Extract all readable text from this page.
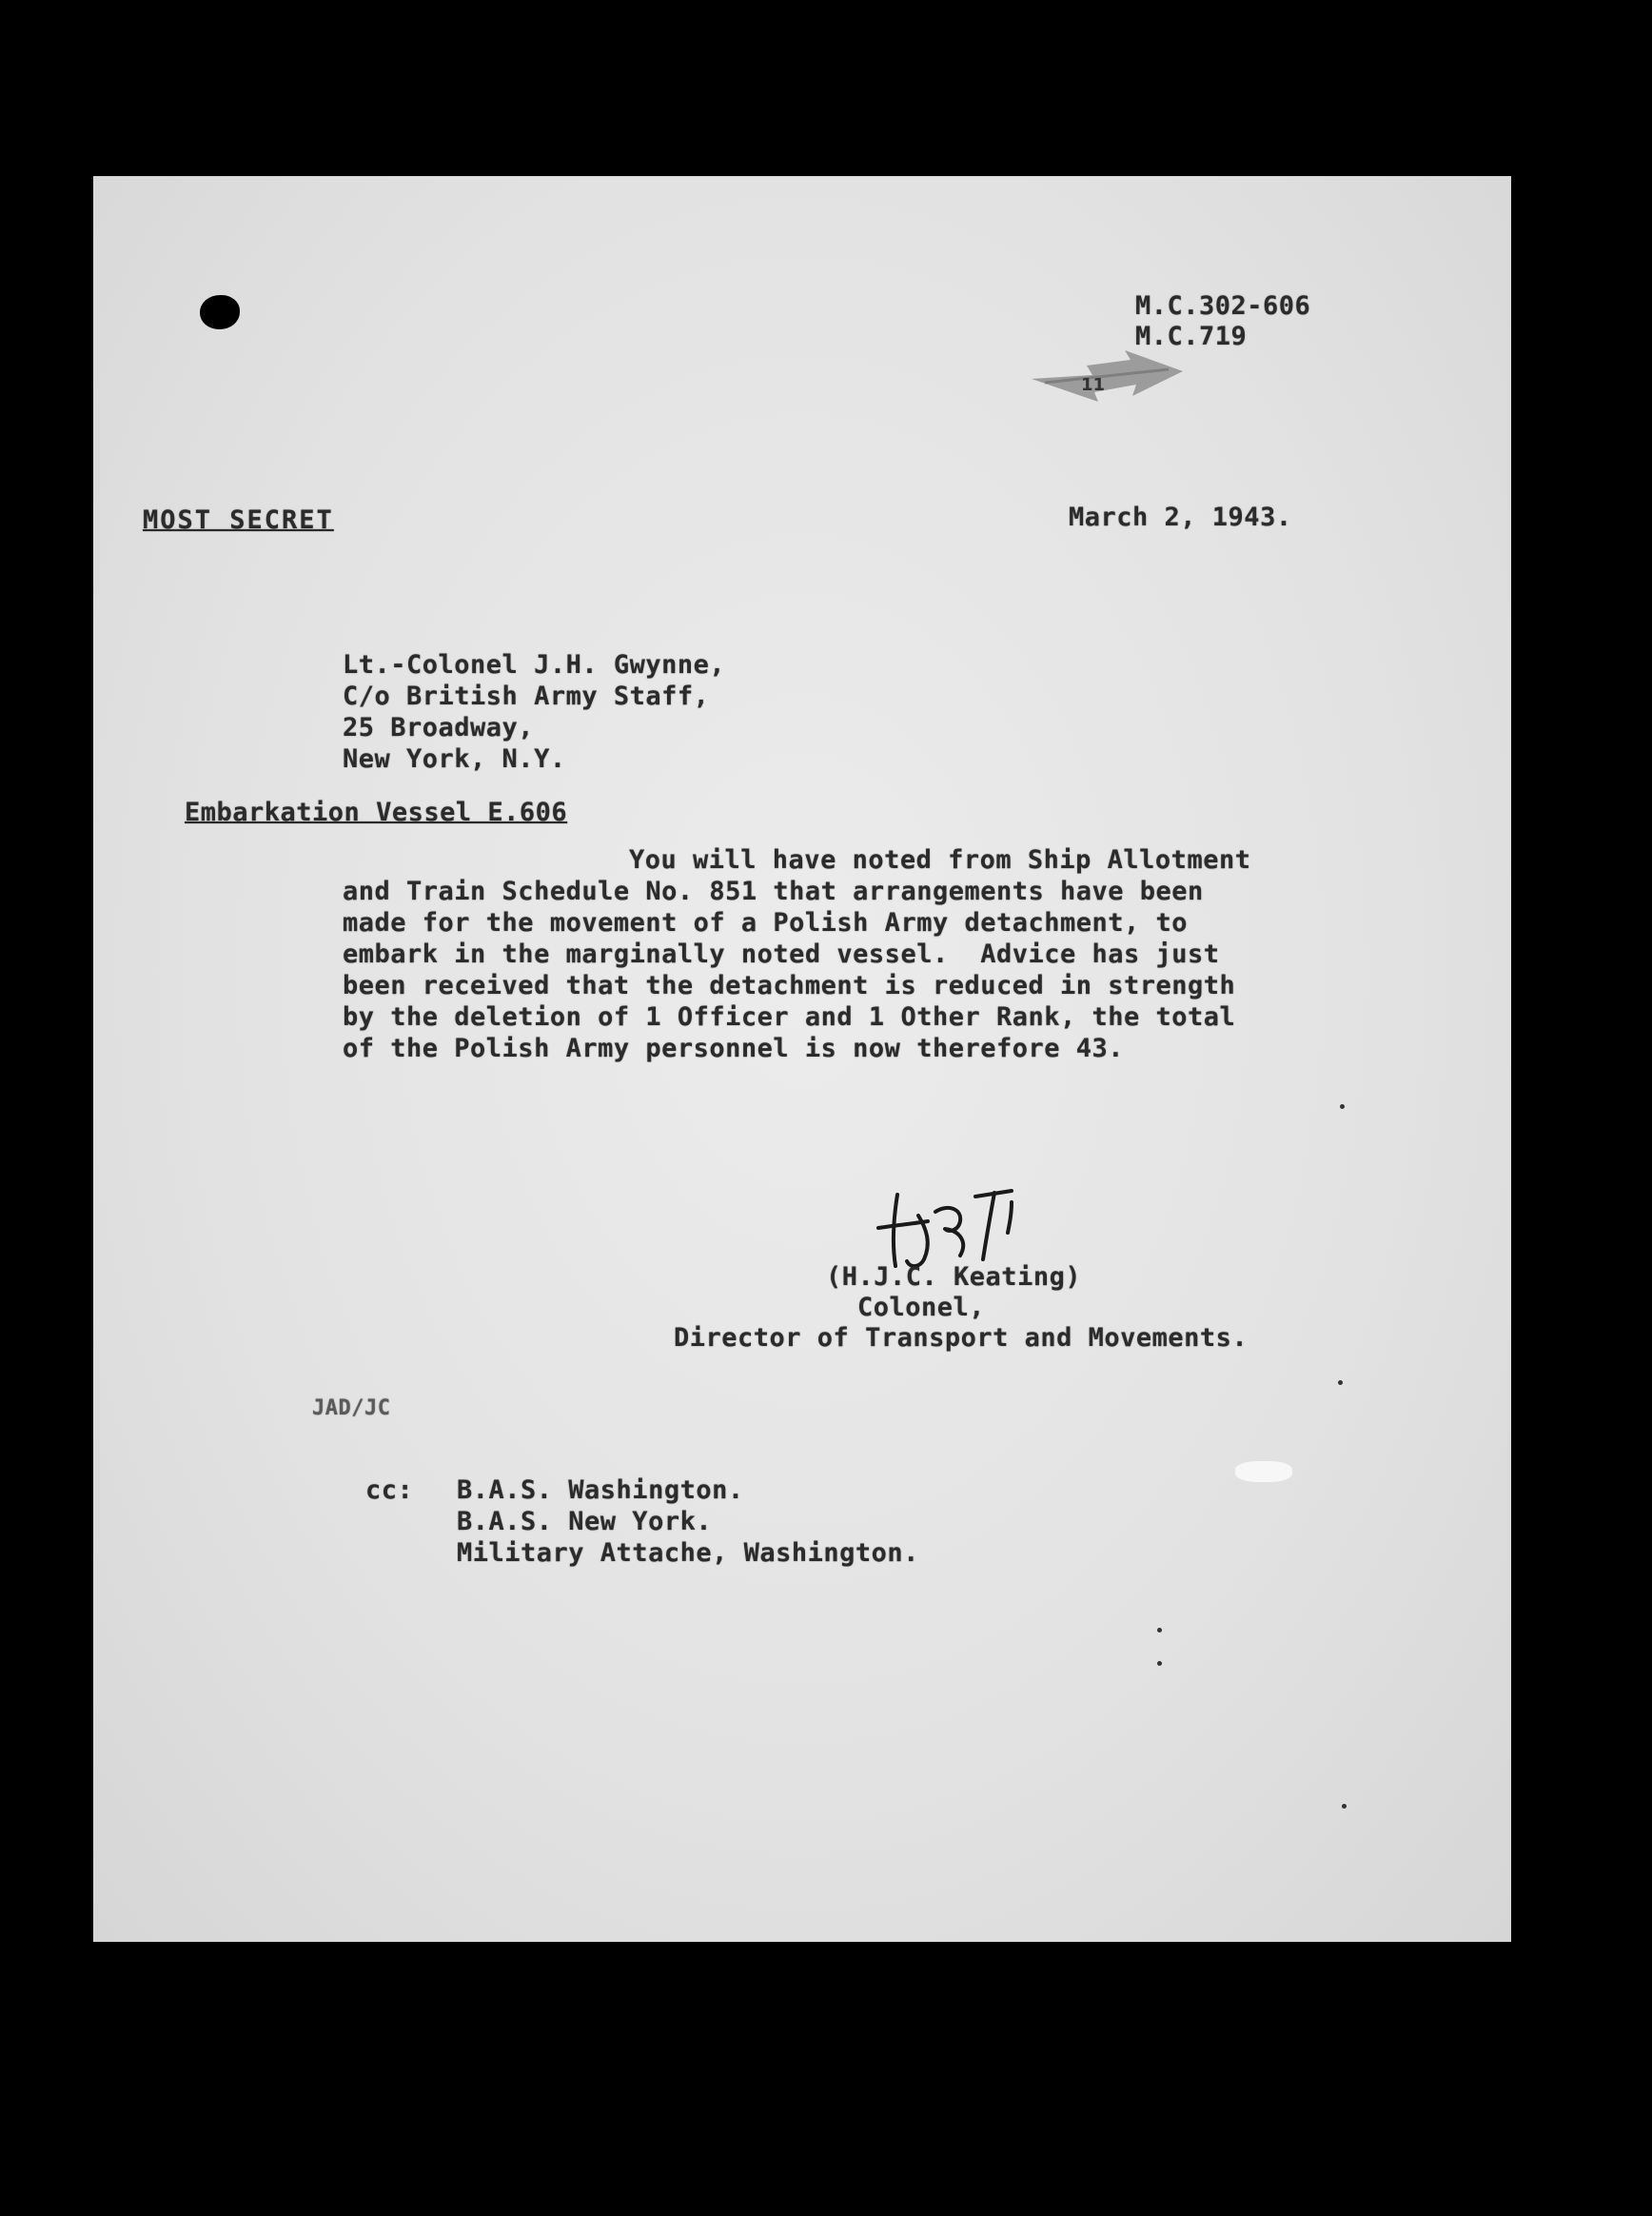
M.C.302-606
M.C.719
11
MOST SECRET	March 2, 1943.
Lt.-Colonel J.H. Gwynne,
C/o British Army Staff,
25 Broadway,
New York, N.Y.
Embarkation Vessel E.606
You will have noted from Ship Allotment
and Train Schedule No. 851 that arrangements have been
made for the movement of a Polish Army detachment, to
embark in the marginally noted vessel.  Advice has just
been received that the detachment is reduced in strength
by the deletion of 1 Officer and 1 Other Rank, the total
of the Polish Army personnel is now therefore 43.
(H.J.C. Keating)
Colonel,
Director of Transport and Movements.
JAD/JC
cc: B.A.S. Washington.
B.A.S. New York.
Military Attache, Washington.
